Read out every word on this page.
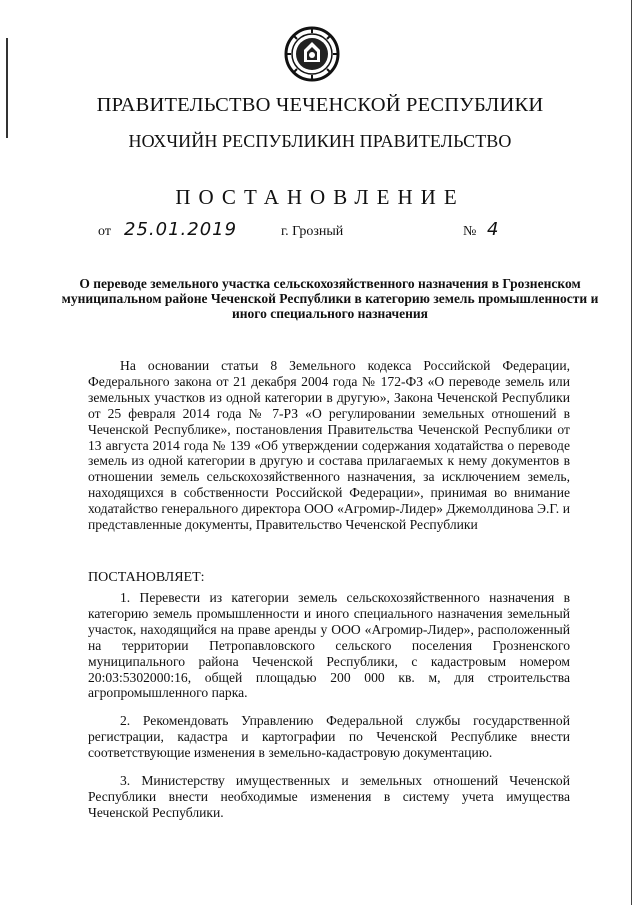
ПРАВИТЕЛЬСТВО ЧЕЧЕНСКОЙ РЕСПУБЛИКИ
НОХЧИЙН РЕСПУБЛИКИН ПРАВИТЕЛЬСТВО
ПОСТАНОВЛЕНИЕ
от 25.01.2019	г. Грозный	№ 4
О переводе земельного участка сельскохозяйственного назначения в Грозненском муниципальном районе Чеченской Республики в категорию земель промышленности и иного специального назначения
На основании статьи 8 Земельного кодекса Российской Федерации, Федерального закона от 21 декабря 2004 года № 172-ФЗ «О переводе земель или земельных участков из одной категории в другую», Закона Чеченской Республики от 25 февраля 2014 года № 7-РЗ «О регулировании земельных отношений в Чеченской Республике», постановления Правительства Чеченской Республики от 13 августа 2014 года № 139 «Об утверждении содержания ходатайства о переводе земель из одной категории в другую и состава прилагаемых к нему документов в отношении земель сельскохозяйственного назначения, за исключением земель, находящихся в собственности Российской Федерации», принимая во внимание ходатайство генерального директора ООО «Агромир-Лидер» Джемолдинова Э.Г. и представленные документы, Правительство Чеченской Республики
ПОСТАНОВЛЯЕТ:
1. Перевести из категории земель сельскохозяйственного назначения в категорию земель промышленности и иного специального назначения земельный участок, находящийся на праве аренды у ООО «Агромир-Лидер», расположенный на территории Петропавловского сельского поселения Грозненского муниципального района Чеченской Республики, с кадастровым номером 20:03:5302000:16, общей площадью 200 000 кв. м, для строительства агропромышленного парка.
2. Рекомендовать Управлению Федеральной службы государственной регистрации, кадастра и картографии по Чеченской Республике внести соответствующие изменения в земельно-кадастровую документацию.
3. Министерству имущественных и земельных отношений Чеченской Республики внести необходимые изменения в систему учета имущества Чеченской Республики.
